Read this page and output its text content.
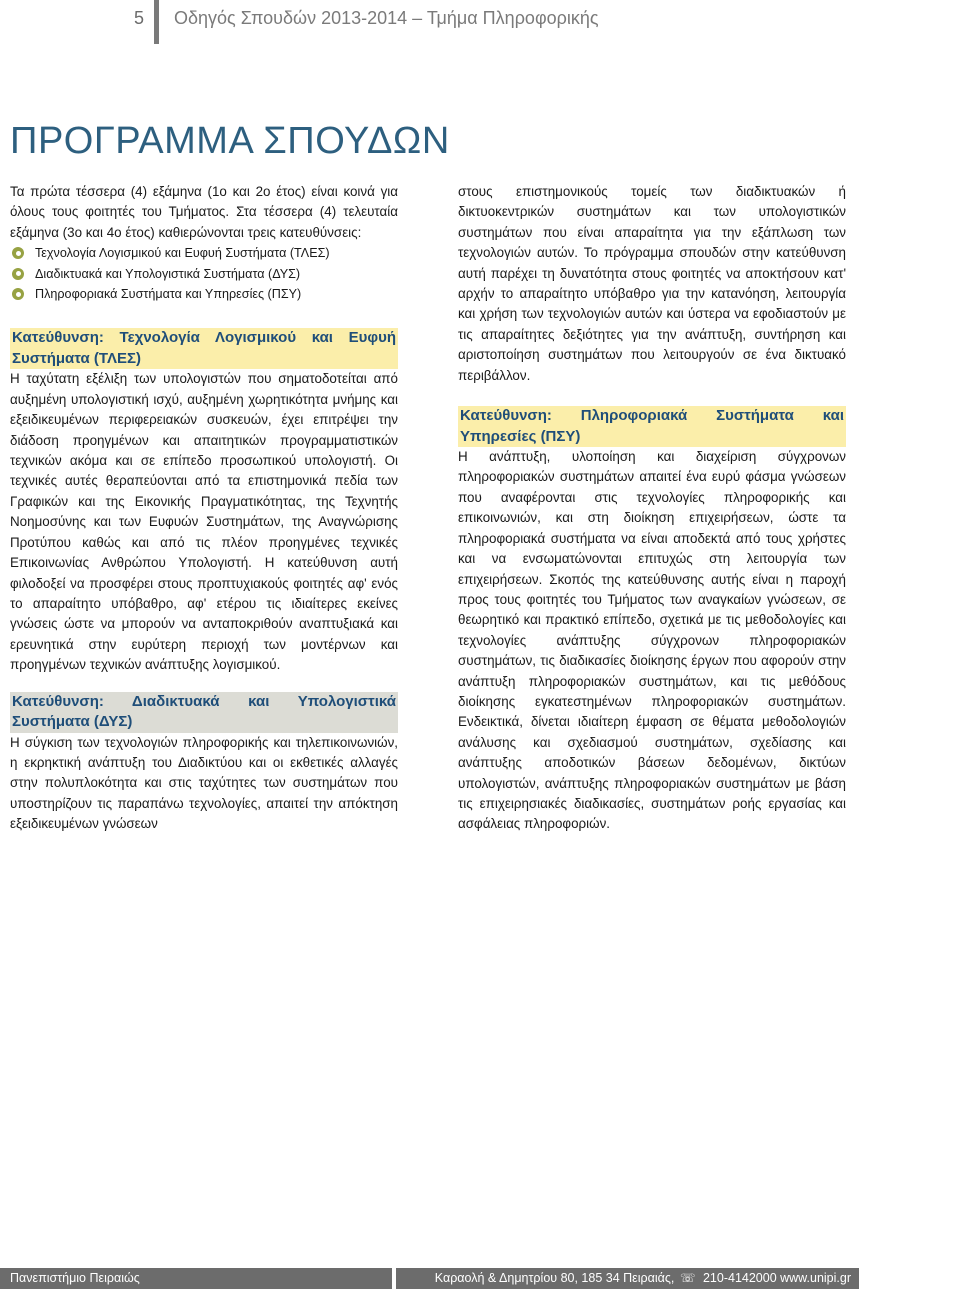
5 Οδηγός Σπουδών 2013-2014 – Τμήμα Πληροφορικής
ΠΡΟΓΡΑΜΜΑ ΣΠΟΥΔΩΝ

Τα πρώτα τέσσερα (4) εξάμηνα (1ο και 2ο έτος) είναι κοινά για όλους τους φοιτητές του Τμήματος. Στα τέσσερα (4) τελευταία εξάμηνα (3ο και 4ο έτος) καθιερώνονται τρεις κατευθύνσεις:

Τεχνολογία Λογισμικού και Ευφυή Συστήματα (ΤΛΕΣ)
Διαδικτυακά και Υπολογιστικά Συστήματα (ΔΥΣ)
Πληροφοριακά Συστήματα και Υπηρεσίες (ΠΣΥ)
Κατεύθυνση: Τεχνολογία Λογισμικού και Ευφυή Συστήματα (ΤΛΕΣ)

Η ταχύτατη εξέλιξη των υπολογιστών που σηματοδοτείται από αυξημένη υπολογιστική ισχύ, αυξημένη χωρητικότητα μνήμης και εξειδικευμένων περιφερειακών συσκευών, έχει επιτρέψει την διάδοση προηγμένων και απαιτητικών προγραμματιστικών τεχνικών ακόμα και σε επίπεδο προσωπικού υπολογιστή. Οι τεχνικές αυτές θεραπεύονται από τα επιστημονικά πεδία των Γραφικών και της Εικονικής Πραγματικότητας, της Τεχνητής Νοημοσύνης και των Ευφυών Συστημάτων, της Αναγνώρισης Προτύπου καθώς και από τις πλέον προηγμένες τεχνικές Επικοινωνίας Ανθρώπου Υπολογιστή. Η κατεύθυνση αυτή φιλοδοξεί να προσφέρει στους προπτυχιακούς φοιτητές αφ' ενός το απαραίτητο υπόβαθρο, αφ' ετέρου τις ιδιαίτερες εκείνες γνώσεις ώστε να μπορούν να ανταποκριθούν αναπτυξιακά και ερευνητικά στην ευρύτερη περιοχή των μοντέρνων και προηγμένων τεχνικών ανάπτυξης λογισμικού.

Κατεύθυνση: Διαδικτυακά και Υπολογιστικά Συστήματα (ΔΥΣ)

Η σύγκιση των τεχνολογιών πληροφορικής και τηλεπικοινωνιών, η εκρηκτική ανάπτυξη του Διαδικτύου και οι εκθετικές αλλαγές στην πολυπλοκότητα και στις ταχύτητες των συστημάτων που υποστηρίζουν τις παραπάνω τεχνολογίες, απαιτεί την απόκτηση εξειδικευμένων γνώσεων

στους επιστημονικούς τομείς των διαδικτυακών ή δικτυοκεντρικών συστημάτων και των υπολογιστικών συστημάτων που είναι απαραίτητα για την εξάπλωση των τεχνολογιών αυτών. Το πρόγραμμα σπουδών στην κατεύθυνση αυτή παρέχει τη δυνατότητα στους φοιτητές να αποκτήσουν κατ' αρχήν το απαραίτητο υπόβαθρο για την κατανόηση, λειτουργία και χρήση των τεχνολογιών αυτών και ύστερα να εφοδιαστούν με τις απαραίτητες δεξιότητες για την ανάπτυξη, συντήρηση και αριστοποίηση συστημάτων που λειτουργούν σε ένα δικτυακό περιβάλλον.

Κατεύθυνση: Πληροφοριακά Συστήματα και Υπηρεσίες (ΠΣΥ)

Η ανάπτυξη, υλοποίηση και διαχείριση σύγχρονων πληροφοριακών συστημάτων απαιτεί ένα ευρύ φάσμα γνώσεων που αναφέρονται στις τεχνολογίες πληροφορικής και επικοινωνιών, και στη διοίκηση επιχειρήσεων, ώστε τα πληροφοριακά συστήματα να είναι αποδεκτά από τους χρήστες και να ενσωματώνονται επιτυχώς στη λειτουργία των επιχειρήσεων. Σκοπός της κατεύθυνσης αυτής είναι η παροχή προς τους φοιτητές του Τμήματος των αναγκαίων γνώσεων, σε θεωρητικό και πρακτικό επίπεδο, σχετικά με τις μεθοδολογίες και τεχνολογίες ανάπτυξης σύγχρονων πληροφοριακών συστημάτων, τις διαδικασίες διοίκησης έργων που αφορούν στην ανάπτυξη πληροφοριακών συστημάτων, και τις μεθόδους διοίκησης εγκατεστημένων πληροφοριακών συστημάτων. Ενδεικτικά, δίνεται ιδιαίτερη έμφαση σε θέματα μεθοδολογιών ανάλυσης και σχεδιασμού συστημάτων, σχεδίασης και ανάπτυξης αποδοτικών βάσεων δεδομένων, δικτύων υπολογιστών, ανάπτυξης πληροφοριακών συστημάτων με βάση τις επιχειρησιακές διαδικασίες, συστημάτων ροής εργασίας και ασφάλειας πληροφοριών.

Πανεπιστήμιο Πειραιώς	Καραολή & Δημητρίου 80, 185 34 Πειραιάς, ☏ 210-4142000 www.unipi.gr
